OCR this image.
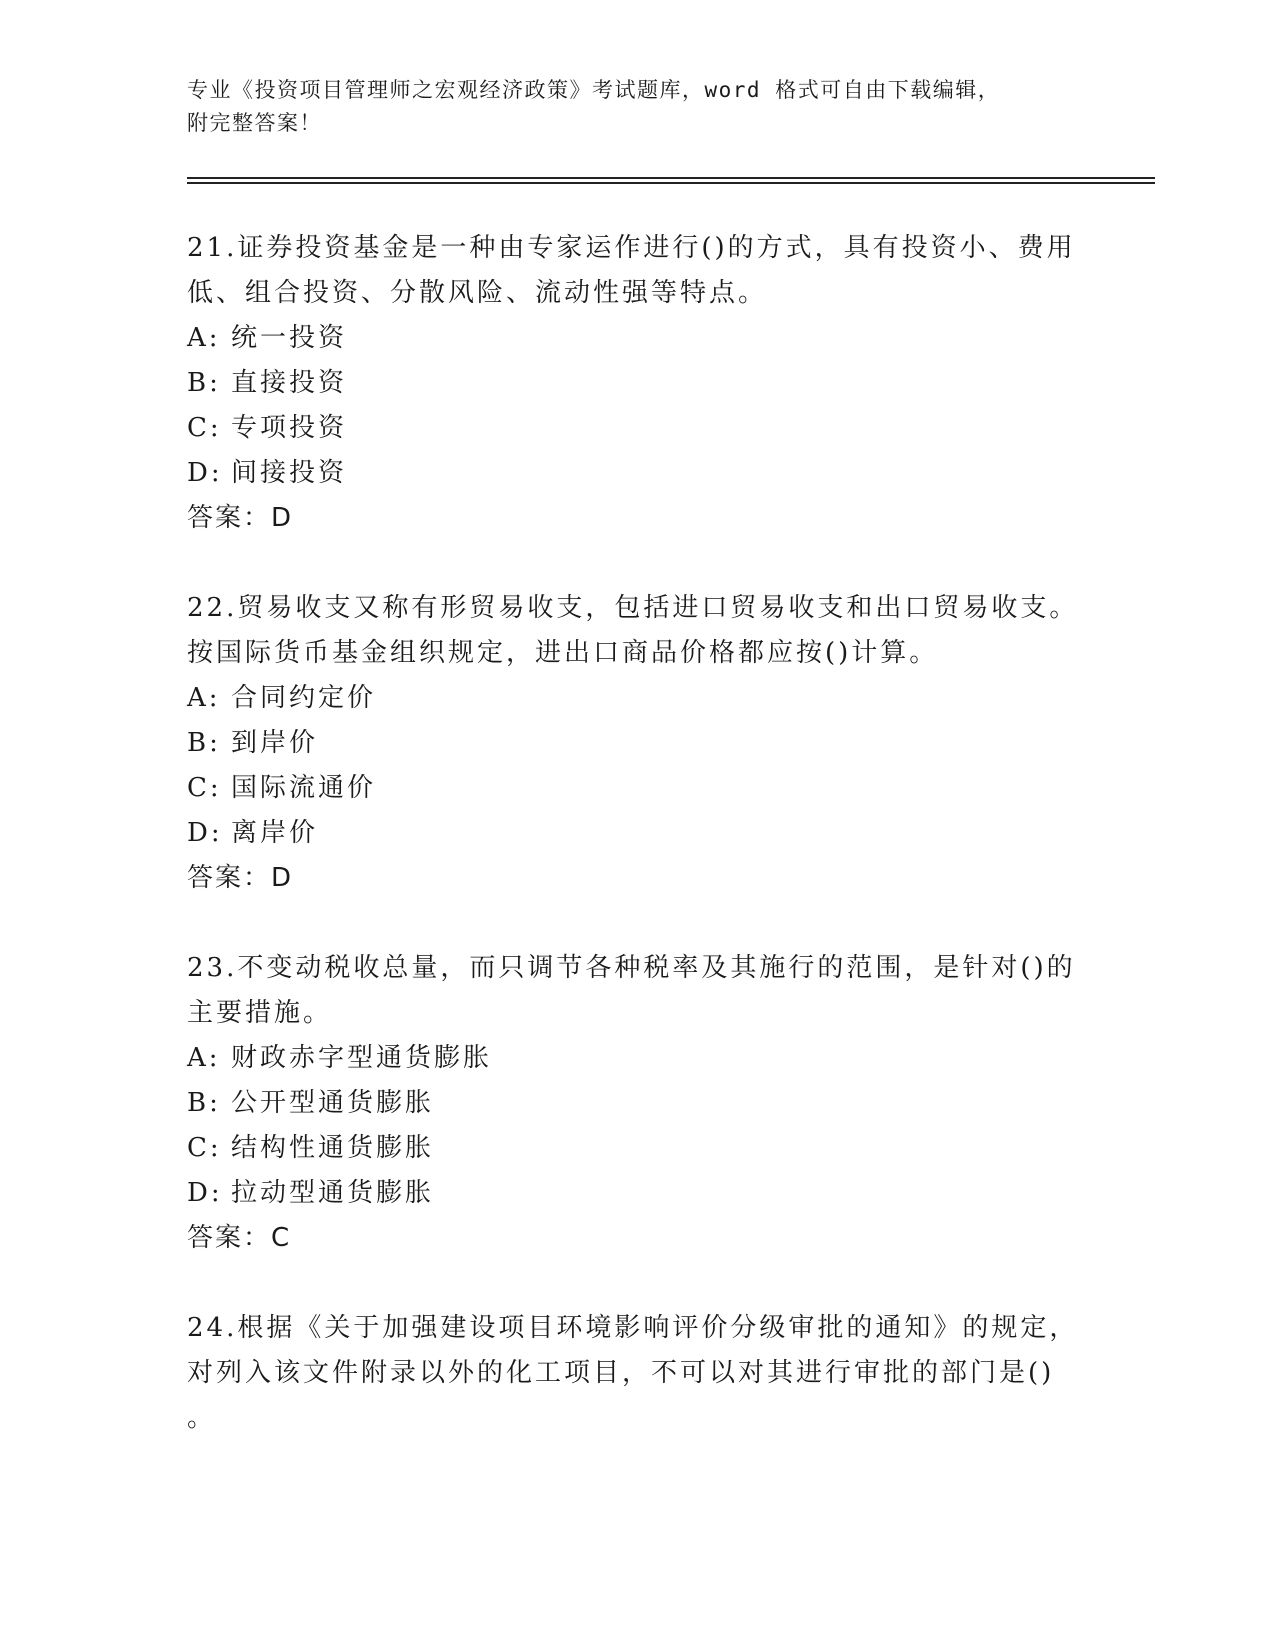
专业《投资项目管理师之宏观经济政策》考试题库，word 格式可自由下载编辑，
附完整答案！
21.证券投资基金是一种由专家运作进行()的方式，具有投资小、费用
低、组合投资、分散风险、流动性强等特点。
A: 统一投资
B: 直接投资
C: 专项投资
D: 间接投资
答案：D
22.贸易收支又称有形贸易收支，包括进口贸易收支和出口贸易收支。
按国际货币基金组织规定，进出口商品价格都应按()计算。
A: 合同约定价
B: 到岸价
C: 国际流通价
D: 离岸价
答案：D
23.不变动税收总量，而只调节各种税率及其施行的范围，是针对()的
主要措施。
A: 财政赤字型通货膨胀
B: 公开型通货膨胀
C: 结构性通货膨胀
D: 拉动型通货膨胀
答案：C
24.根据《关于加强建设项目环境影响评价分级审批的通知》的规定，
对列入该文件附录以外的化工项目，不可以对其进行审批的部门是()
。
